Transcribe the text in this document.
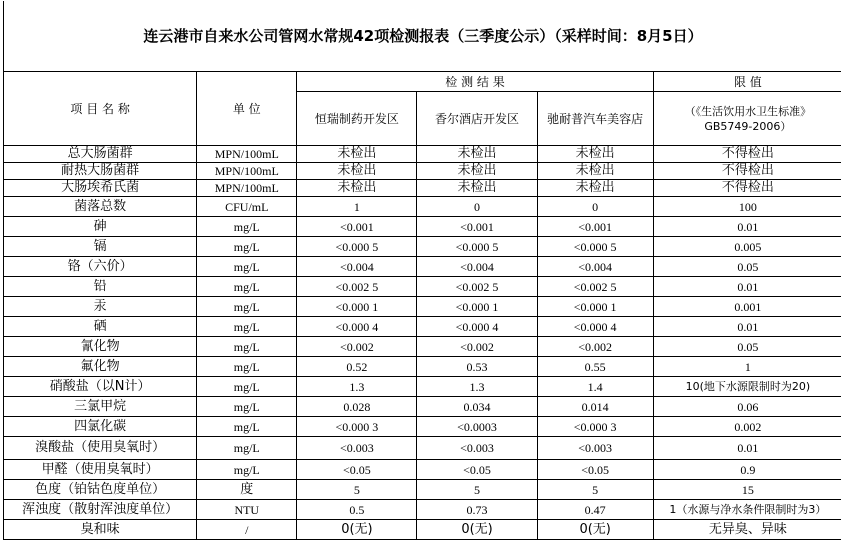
连云港市自来水公司管网水常规42项检测报表（三季度公示）（采样时间：8月5日）					
项 目 名 称	单 位	检 测 结 果			限 值
		恒瑞制药开发区	香尔酒店开发区	驰耐普汽车美容店	（《生活饮用水卫生标准》
GB5749-2006）

总大肠菌群	MPN/100mL	未检出	未检出	未检出	不得检出
耐热大肠菌群	MPN/100mL	未检出	未检出	未检出	不得检出
大肠埃希氏菌	MPN/100mL	未检出	未检出	未检出	不得检出
菌落总数	CFU/mL	1	0	0	100
砷	mg/L	<0.001	<0.001	<0.001	0.01
镉	mg/L	<0.000 5	<0.000 5	<0.000 5	0.005
铬（六价）	mg/L	<0.004	<0.004	<0.004	0.05
铅	mg/L	<0.002 5	<0.002 5	<0.002 5	0.01
汞	mg/L	<0.000 1	<0.000 1	<0.000 1	0.001
硒	mg/L	<0.000 4	<0.000 4	<0.000 4	0.01
氰化物	mg/L	<0.002	<0.002	<0.002	0.05
氟化物	mg/L	0.52	0.53	0.55	1
硝酸盐（以N计）	mg/L	1.3	1.3	1.4	10(地下水源限制时为20)
三氯甲烷	mg/L	0.028	0.034	0.014	0.06
四氯化碳	mg/L	<0.000 3	<0.0003	<0.000 3	0.002
溴酸盐（使用臭氧时）	mg/L	<0.003	<0.003	<0.003	0.01
甲醛（使用臭氧时）	mg/L	<0.05	<0.05	<0.05	0.9
色度（铂钴色度单位）	度	5	5	5	15
浑浊度（散射浑浊度单位）	NTU	0.5	0.73	0.47	1（水源与净水条件限制时为3）
臭和味	/	0(无)	0(无)	0(无)	无异臭、异味
